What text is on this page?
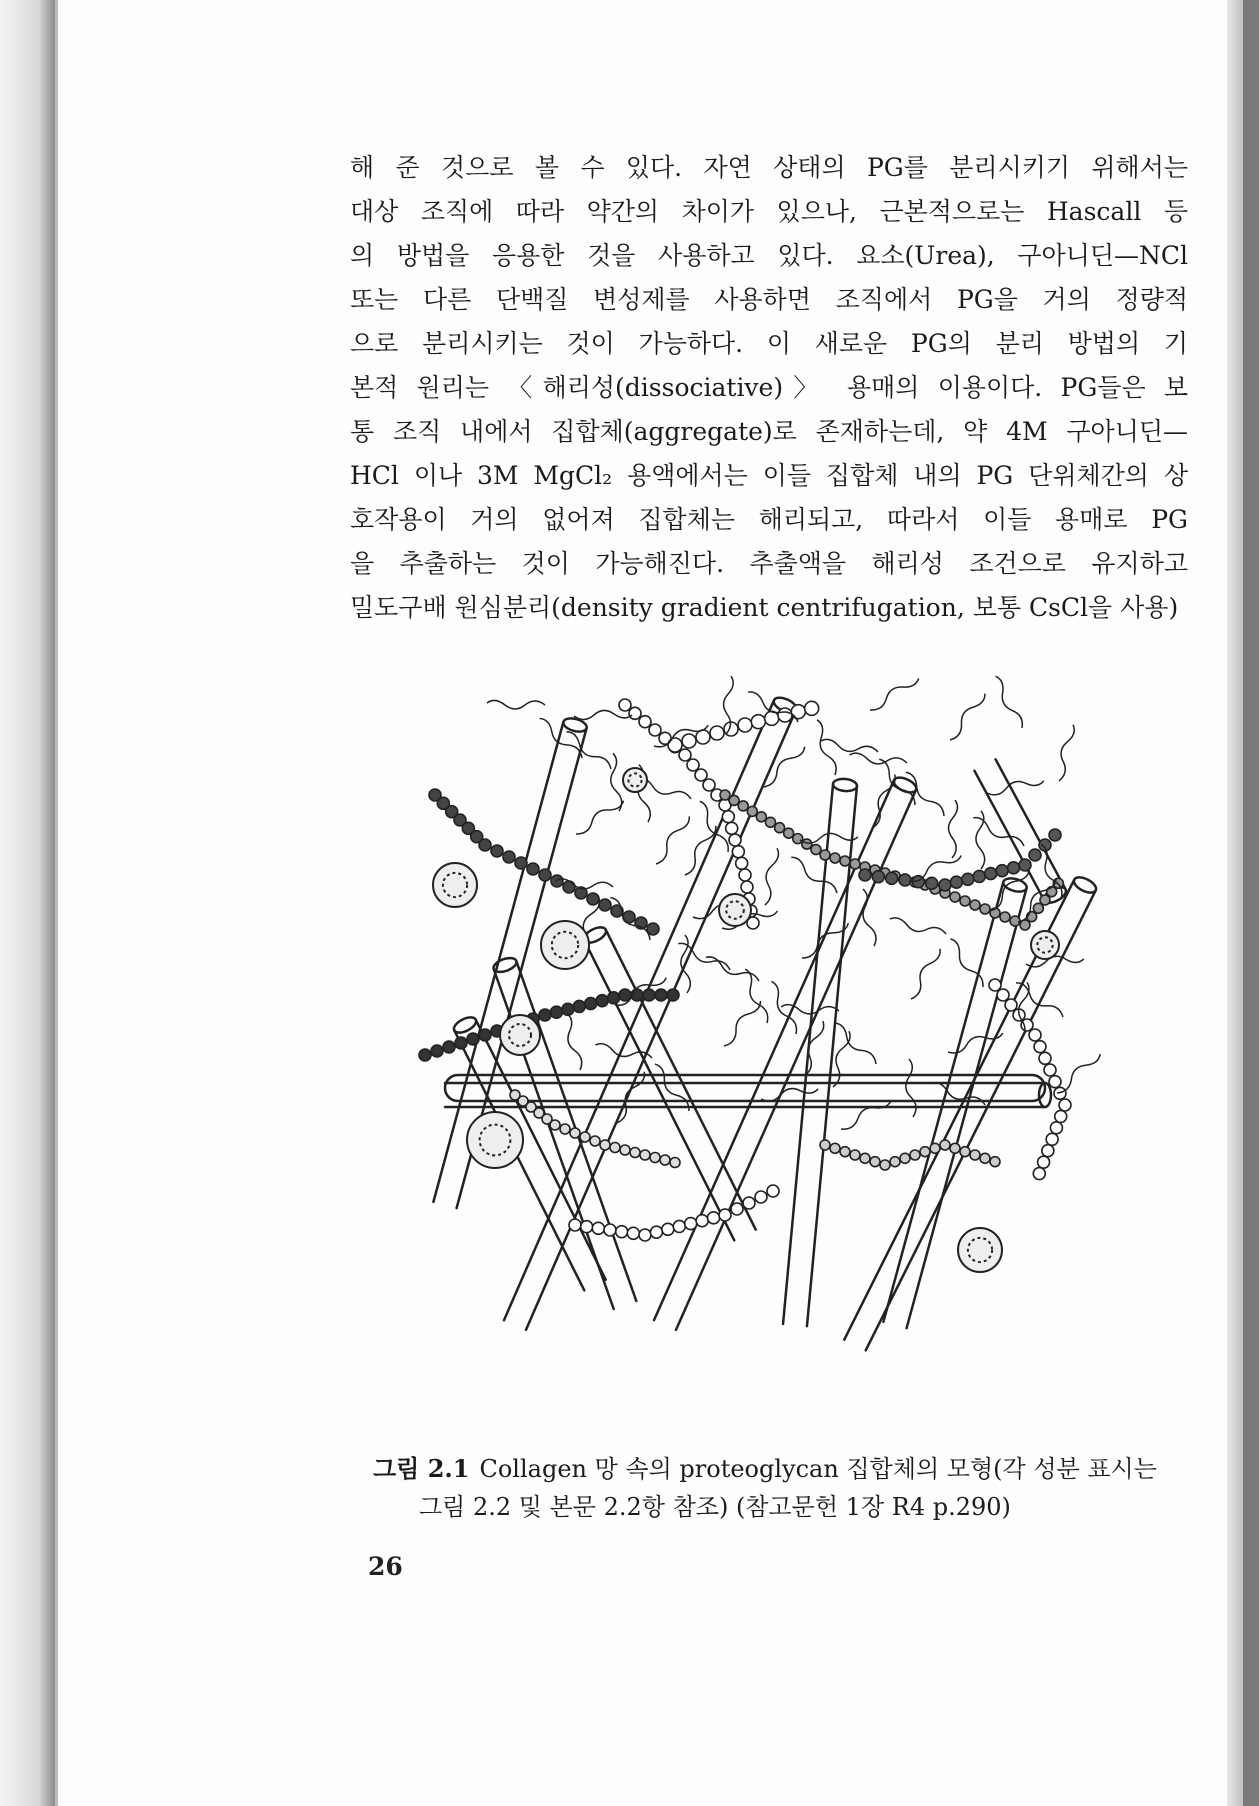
해 준 것으로 볼 수 있다. 자연 상태의 PG를 분리시키기 위해서는
대상 조직에 따라 약간의 차이가 있으나, 근본적으로는 Hascall 등
의 방법을 응용한 것을 사용하고 있다. 요소(Urea), 구아니딘—NCl
또는 다른 단백질 변성제를 사용하면 조직에서 PG을 거의 정량적
으로 분리시키는 것이 가능하다. 이 새로운 PG의 분리 방법의 기
본적 원리는 〈해리성(dissociative)〉 용매의 이용이다. PG들은 보
통 조직 내에서 집합체(aggregate)로 존재하는데, 약 4M 구아니딘—
HCl 이나 3M MgCl₂ 용액에서는 이들 집합체 내의 PG 단위체간의 상
호작용이 거의 없어져 집합체는 해리되고, 따라서 이들 용매로 PG
을 추출하는 것이 가능해진다. 추출액을 해리성 조건으로 유지하고
밀도구배 원심분리(density gradient centrifugation, 보통 CsCl을 사용)
그림 2.1 Collagen 망 속의 proteoglycan 집합체의 모형(각 성분 표시는
그림 2.2 및 본문 2.2항 참조) (참고문헌 1장 R4 p.290)
26
